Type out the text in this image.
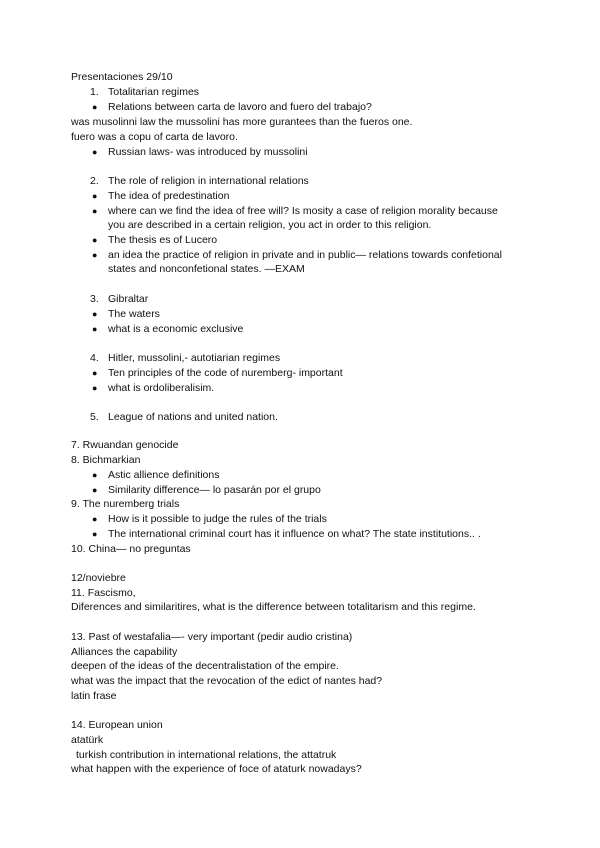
Presentaciones 29/10
1. Totalitarian regimes
● Relations between carta de lavoro and fuero del trabajo?
was musolinni law the mussolini has more gurantees than the fueros one.
fuero was a copu of carta de lavoro.
● Russian laws- was introduced by mussolini
2. The role of religion in international relations
● The idea of predestination
● where can we find the idea of free will? Is mosity a case of religion morality because
you are described in a certain religion, you act in order to this religion.
● The thesis es of Lucero
● an idea the practice of religion in private and in public— relations towards confetional
states and nonconfetional states. —EXAM
3. Gibraltar
● The waters
● what is a economic exclusive
4. Hitler, mussolini,- autotiarian regimes
● Ten principles of the code of nuremberg- important
● what is ordoliberalisim.
5. League of nations and united nation.
7. Rwuandan genocide
8. Bichmarkian
● Astic allience definitions
● Similarity difference— lo pasarán por el grupo
9. The nuremberg trials
● How is it possible to judge the rules of the trials
● The international criminal court has it influence on what? The state institutions.. .
10. China— no preguntas
12/noviebre
11. Fascismo,
Diferences and similaritires, what is the difference between totalitarism and this regime.
13. Past of westafalia—- very important (pedir audio cristina)
Alliances the capability
deepen of the ideas of the decentralistation of the empire.
what was the impact that the revocation of the edict of nantes had?
latin frase
14. European union
atatürk
turkish contribution in international relations, the attatruk
what happen with the experience of foce of ataturk nowadays?
